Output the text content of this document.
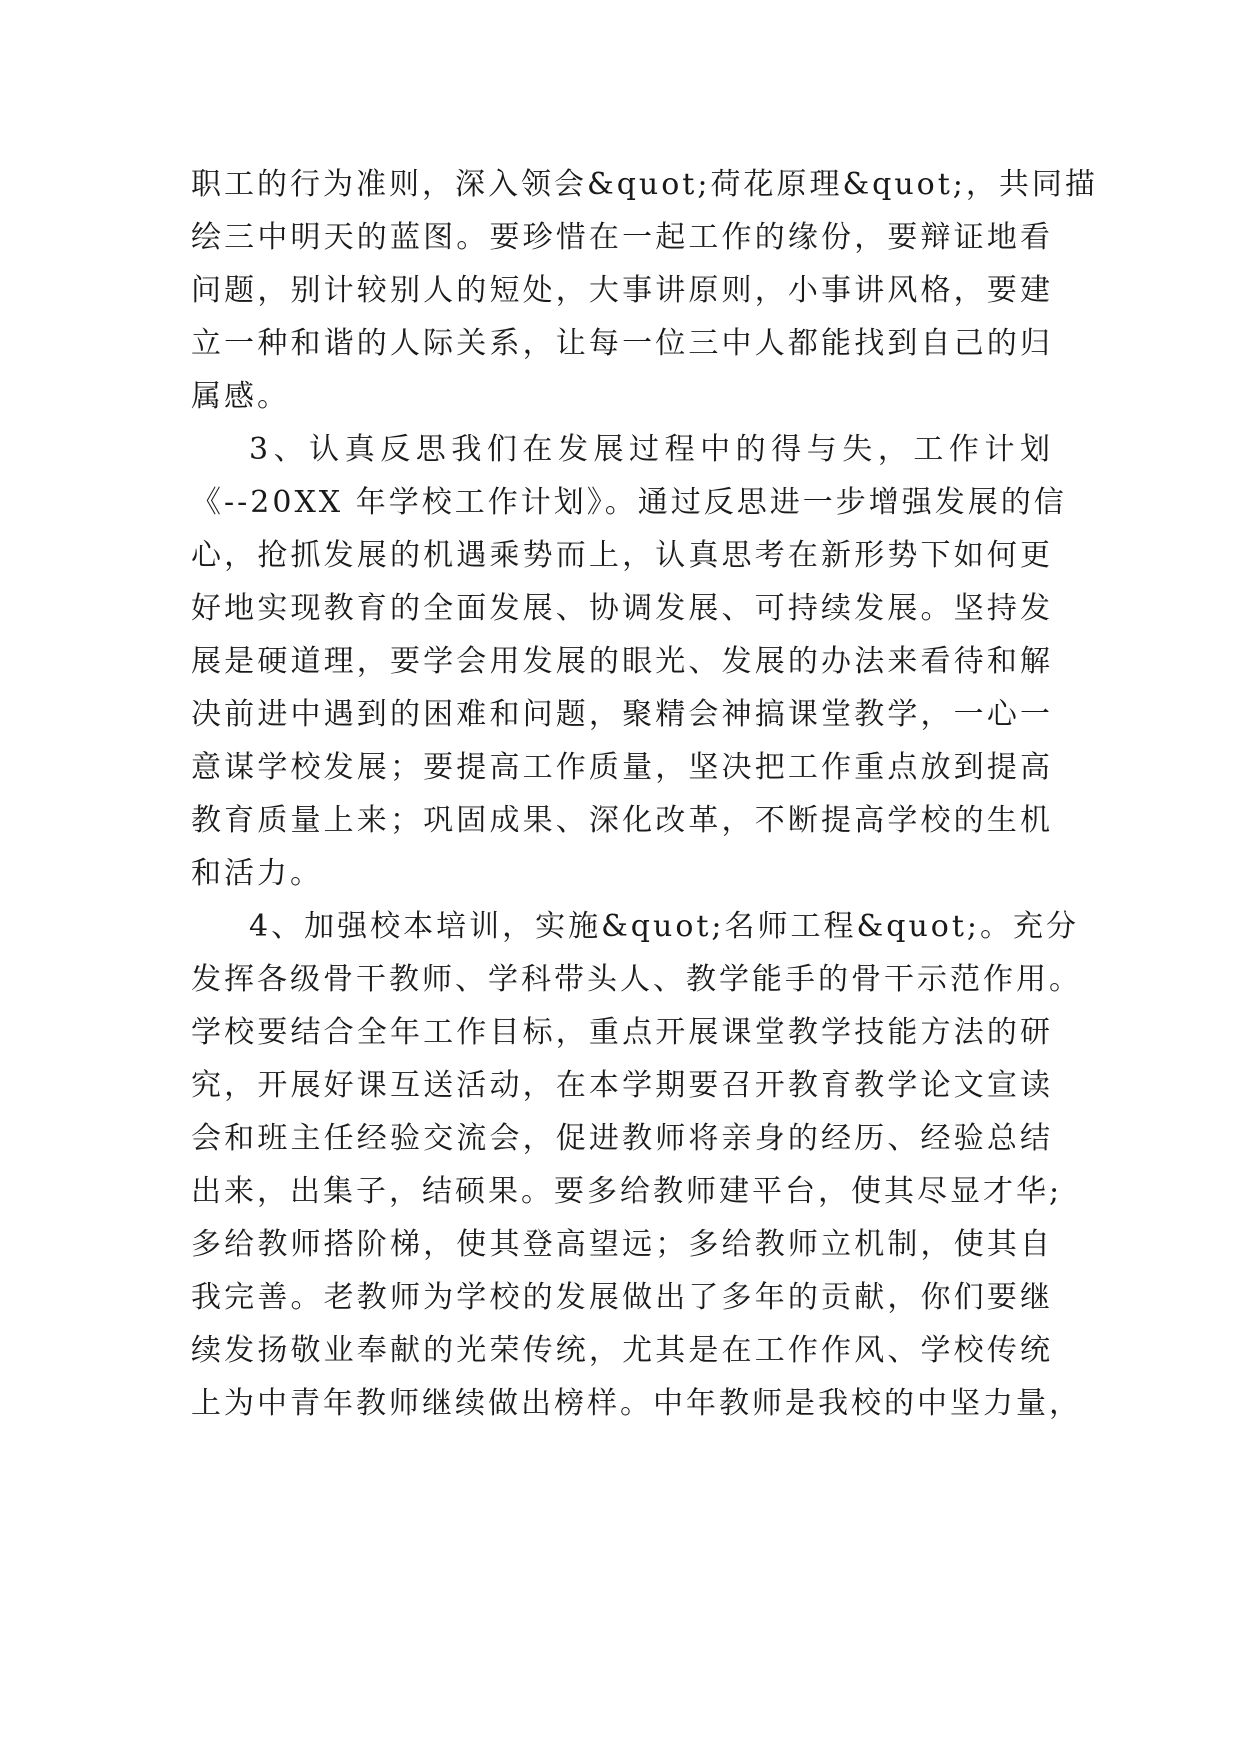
职工的行为准则，深入领会&quot;荷花原理&quot;，共同描
绘三中明天的蓝图。要珍惜在一起工作的缘份，要辩证地看
问题，别计较别人的短处，大事讲原则，小事讲风格，要建
立一种和谐的人际关系，让每一位三中人都能找到自己的归
属感。
3、认真反思我们在发展过程中的得与失，工作计划
《--20XX 年学校工作计划》。通过反思进一步增强发展的信
心，抢抓发展的机遇乘势而上，认真思考在新形势下如何更
好地实现教育的全面发展、协调发展、可持续发展。坚持发
展是硬道理，要学会用发展的眼光、发展的办法来看待和解
决前进中遇到的困难和问题，聚精会神搞课堂教学，一心一
意谋学校发展；要提高工作质量，坚决把工作重点放到提高
教育质量上来；巩固成果、深化改革，不断提高学校的生机
和活力。
4、加强校本培训，实施&quot;名师工程&quot;。充分
发挥各级骨干教师、学科带头人、教学能手的骨干示范作用。
学校要结合全年工作目标，重点开展课堂教学技能方法的研
究，开展好课互送活动，在本学期要召开教育教学论文宣读
会和班主任经验交流会，促进教师将亲身的经历、经验总结
出来，出集子，结硕果。要多给教师建平台，使其尽显才华;
多给教师搭阶梯，使其登高望远；多给教师立机制，使其自
我完善。老教师为学校的发展做出了多年的贡献，你们要继
续发扬敬业奉献的光荣传统，尤其是在工作作风、学校传统
上为中青年教师继续做出榜样。中年教师是我校的中坚力量，
